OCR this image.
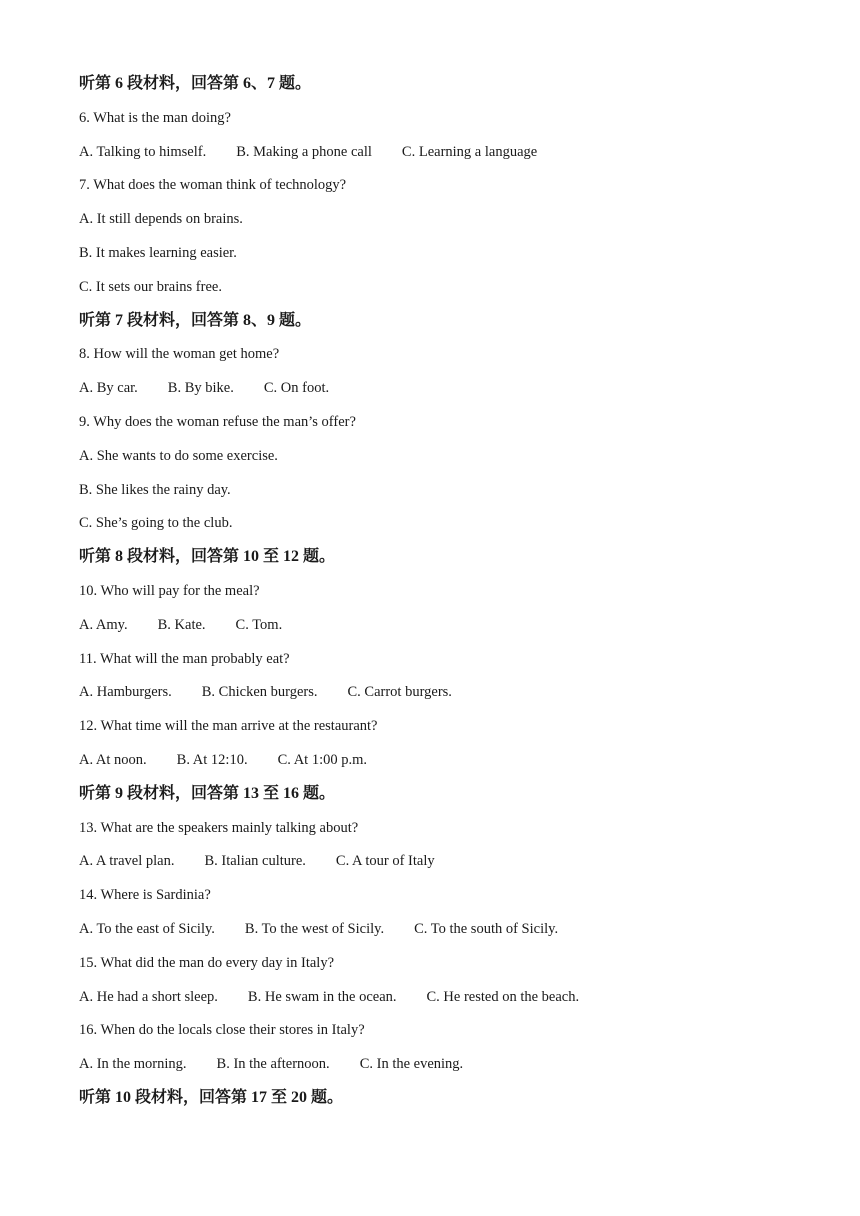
听第 6 段材料，回答第 6、7 题。
6. What is the man doing?
A. Talking to himself. B. Making a phone call C. Learning a language
7. What does the woman think of technology?
A. It still depends on brains.
B. It makes learning easier.
C. It sets our brains free.
听第 7 段材料，回答第 8、9 题。
8. How will the woman get home?
A. By car. B. By bike. C. On foot.
9. Why does the woman refuse the man’s offer?
A. She wants to do some exercise.
B. She likes the rainy day.
C. She’s going to the club.
听第 8 段材料，回答第 10 至 12 题。
10. Who will pay for the meal?
A. Amy. B. Kate. C. Tom.
11. What will the man probably eat?
A. Hamburgers. B. Chicken burgers. C. Carrot burgers.
12. What time will the man arrive at the restaurant?
A. At noon. B. At 12:10. C. At 1:00 p.m.
听第 9 段材料，回答第 13 至 16 题。
13. What are the speakers mainly talking about?
A. A travel plan. B. Italian culture. C. A tour of Italy
14. Where is Sardinia?
A. To the east of Sicily. B. To the west of Sicily. C. To the south of Sicily.
15. What did the man do every day in Italy?
A. He had a short sleep. B. He swam in the ocean. C. He rested on the beach.
16. When do the locals close their stores in Italy?
A. In the morning. B. In the afternoon. C. In the evening.
听第 10 段材料，回答第 17 至 20 题。
